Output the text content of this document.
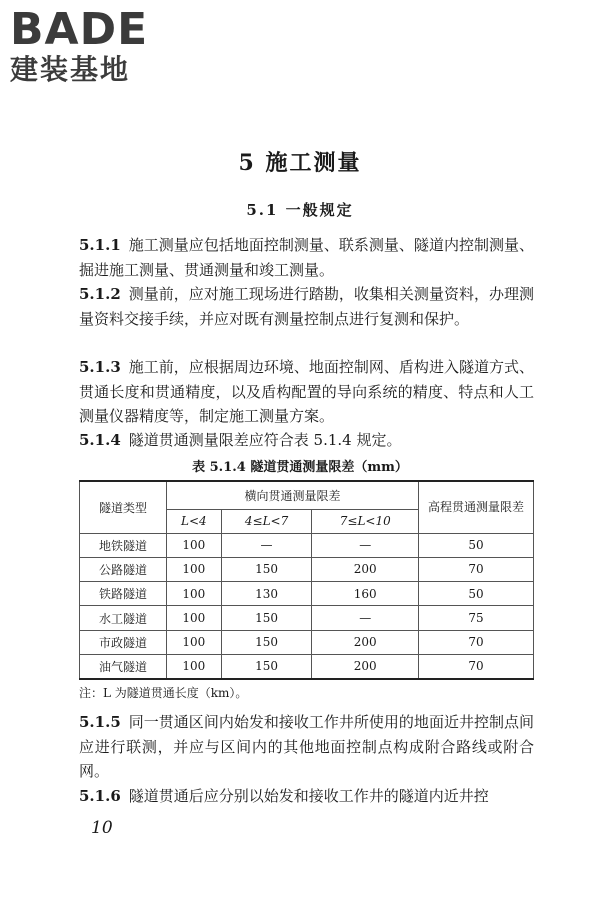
BADE
建装基地
5 施工测量
5.1 一般规定
5.1.1 施工测量应包括地面控制测量、联系测量、隧道内控制测量、掘进施工测量、贯通测量和竣工测量。
5.1.2 测量前，应对施工现场进行踏勘，收集相关测量资料，办理测量资料交接手续，并应对既有测量控制点进行复测和保护。
5.1.3 施工前，应根据周边环境、地面控制网、盾构进入隧道方式、贯通长度和贯通精度，以及盾构配置的导向系统的精度、特点和人工测量仪器精度等，制定施工测量方案。
5.1.4 隧道贯通测量限差应符合表 5.1.4 规定。
表 5.1.4 隧道贯通测量限差（mm）
隧道类型	横向贯通测量限差			高程贯通测量限差
	L<4	4≤L<7	7≤L<10	
地铁隧道	100	—	—	50
公路隧道	100	150	200	70
铁路隧道	100	130	160	50
水工隧道	100	150	—	75
市政隧道	100	150	200	70
油气隧道	100	150	200	70
注：L 为隧道贯通长度（km）。
5.1.5 同一贯通区间内始发和接收工作井所使用的地面近井控制点间应进行联测，并应与区间内的其他地面控制点构成附合路线或附合网。
5.1.6 隧道贯通后应分别以始发和接收工作井的隧道内近井控
10
